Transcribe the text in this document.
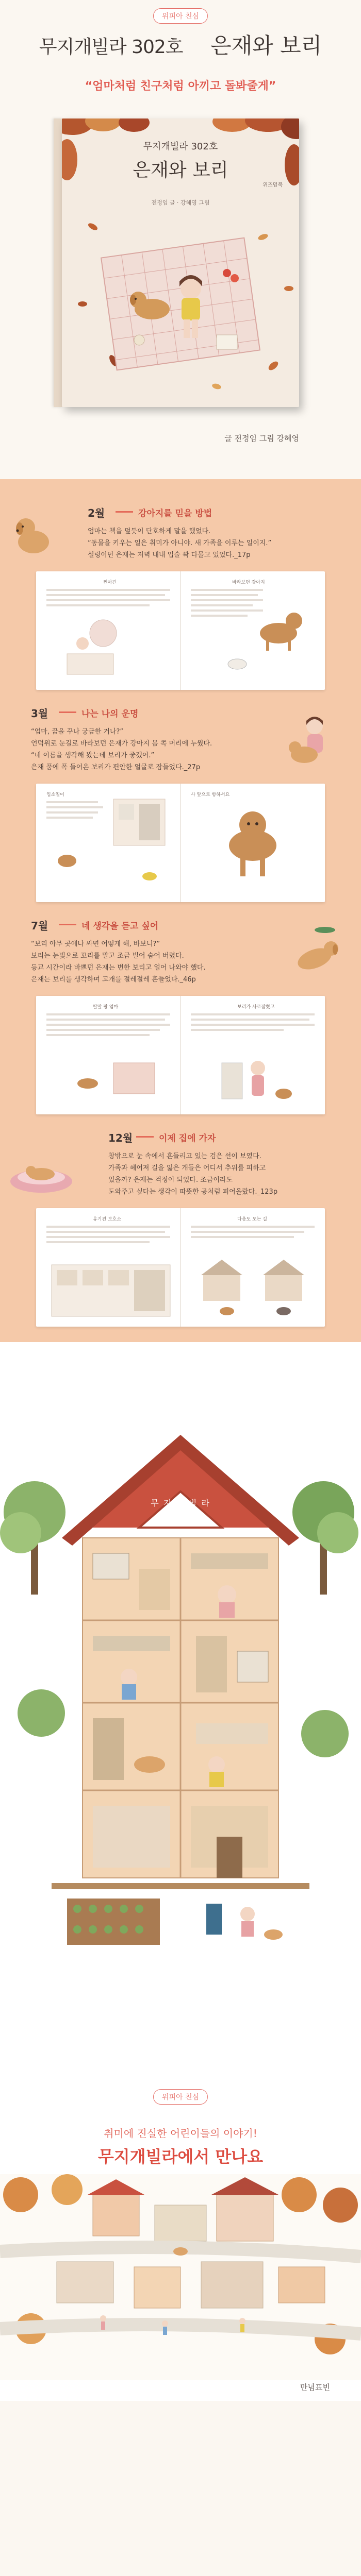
위피아 친심
무지개빌라 302호 은재와 보리
“엄마처럼 친구처럼 아끼고 돌봐줄게”
무지개빌라 302호
은재와 보리
위즈덤북
전정임 글 · 강혜영 그림
글 전정임 그림 강혜영
2월	강아지를 믿을 방법

엄마는 책을 덮듯이 단호하게 말을 했었다.

“동물을 키우는 일은 취미가 아니야. 새 가족을 이루는 일이지.”

설렁이던 은재는 저녁 내내 입술 꽉 다물고 있었다._17p

찐아긴	바라보던 강아지
3월	나는 나의 운명

“엄마, 꿈을 꾸나 궁금한 거나?”

언덕위로 눈길로 바라보던 은재가 강아지 몸 쪽 머리에 누웠다.

“네 이름을 생각해 봤는데 보리가 좋겠어.”

은재 품에 폭 들어온 보리가 편안한 얼굴로 잠들었다._27p

입소일이	사 앞으로 향하서요
7월	네 생각을 듣고 싶어

“보리 아무 곳에나 싸면 어떻게 해, 바보니?”

보리는 눈빛으로 꼬리를 말고 조금 빌어 숨어 버렸다.

등교 시간이라 바쁘던 은재는 변한 보리고 얼어 나와야 했다.

은재는 보리를 생각하며 고개를 절레절레 흔들었다._46p

딸딸 팡 엄마	보리가 사로잡혔고
12월	이제 집에 가자

창밖으로 눈 속에서 흔들리고 있는 검은 선이 보였다.

가족과 헤어져 길을 잃은 개들은 어디서 추위를 피하고

있을까? 은재는 걱정이 되었다. 조금이라도

도와주고 싶다는 생각이 따뜻한 공처럼 피어올랐다._123p

유기견 보호소	다음도 오는 길
무 지 개 빌 라
위피아 친심
취미에 진실한 어린이들의 이야기!
무지개빌라에서 만나요
만념표빈
